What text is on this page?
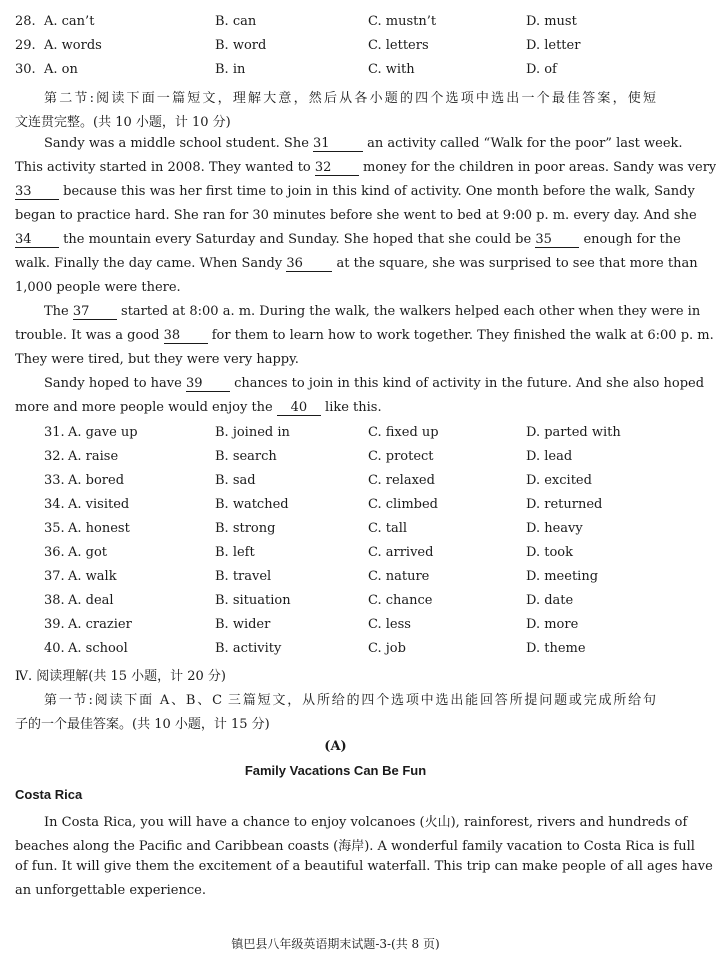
28. A. can’t	B. can	C. mustn’t	D. must
29. A. words	B. word	C. letters	D. letter
30. A. on	B. in	C. with	D. of
第二节:阅读下面一篇短文，理解大意，然后从各小题的四个选项中选出一个最佳答案，使短
文连贯完整。(共 10 小题，计 10 分)
Sandy was a middle school student. She 31	an activity called “Walk for the poor” last week.
This activity started in 2008. They wanted to 32 money for the children in poor areas. Sandy was very
33 because this was her first time to join in this kind of activity. One month before the walk, Sandy
began to practice hard. She ran for 30 minutes before she went to bed at 9:00 p. m. every day. And she
34 the mountain every Saturday and Sunday. She hoped that she could be 35 enough for the
walk. Finally the day came. When Sandy 36	at the square, she was surprised to see that more than
1,000 people were there.
The 37 started at 8:00 a. m. During the walk, the walkers helped each other when they were in
trouble. It was a good 38 for them to learn how to work together. They finished the walk at 6:00 p. m.
They were tired, but they were very happy.
Sandy hoped to have 39 chances to join in this kind of activity in the future. And she also hoped
more and more people would enjoy the 40 like this.
31. A. gave up	B. joined in	C. fixed up	D. parted with
32. A. raise	B. search	C. protect	D. lead
33. A. bored	B. sad	C. relaxed	D. excited
34. A. visited	B. watched	C. climbed	D. returned
35. A. honest	B. strong	C. tall	D. heavy
36. A. got	B. left	C. arrived	D. took
37. A. walk	B. travel	C. nature	D. meeting
38. A. deal	B. situation	C. chance	D. date
39. A. crazier	B. wider	C. less	D. more
40. A. school	B. activity	C. job	D. theme
Ⅳ. 阅读理解(共 15 小题，计 20 分)
第一节:阅读下面 A、B、C 三篇短文，从所给的四个选项中选出能回答所提问题或完成所给句
子的一个最佳答案。(共 10 小题，计 15 分)
(A)
Family Vacations Can Be Fun
Costa Rica
In Costa Rica, you will have a chance to enjoy volcanoes (火山), rainforest, rivers and hundreds of
beaches along the Pacific and Caribbean coasts (海岸). A wonderful family vacation to Costa Rica is full
of fun. It will give them the excitement of a beautiful waterfall. This trip can make people of all ages have
an unforgettable experience.
镇巴县八年级英语期末试题-3-(共 8 页)
